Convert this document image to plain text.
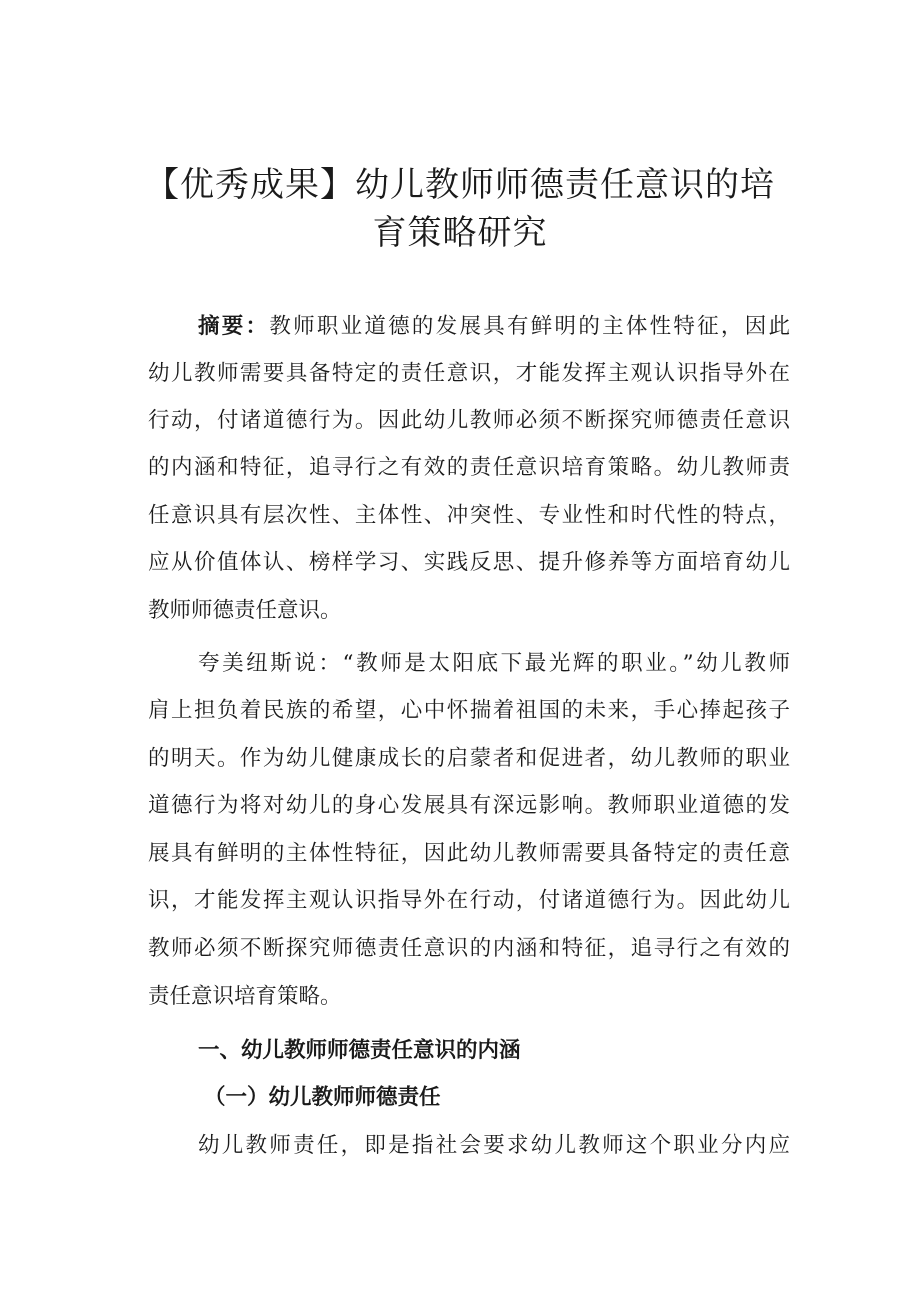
【优秀成果】幼儿教师师德责任意识的培
育策略研究

摘要：教师职业道德的发展具有鲜明的主体性特征，因此

幼儿教师需要具备特定的责任意识，才能发挥主观认识指导外在

行动，付诸道德行为。因此幼儿教师必须不断探究师德责任意识

的内涵和特征，追寻行之有效的责任意识培育策略。幼儿教师责

任意识具有层次性、主体性、冲突性、专业性和时代性的特点，

应从价值体认、榜样学习、实践反思、提升修养等方面培育幼儿

教师师德责任意识。

夸美纽斯说：“教师是太阳底下最光辉的职业。”幼儿教师

肩上担负着民族的希望，心中怀揣着祖国的未来，手心捧起孩子

的明天。作为幼儿健康成长的启蒙者和促进者，幼儿教师的职业

道德行为将对幼儿的身心发展具有深远影响。教师职业道德的发

展具有鲜明的主体性特征，因此幼儿教师需要具备特定的责任意

识，才能发挥主观认识指导外在行动，付诸道德行为。因此幼儿

教师必须不断探究师德责任意识的内涵和特征，追寻行之有效的

责任意识培育策略。

一、幼儿教师师德责任意识的内涵

（一）幼儿教师师德责任

幼儿教师责任，即是指社会要求幼儿教师这个职业分内应
